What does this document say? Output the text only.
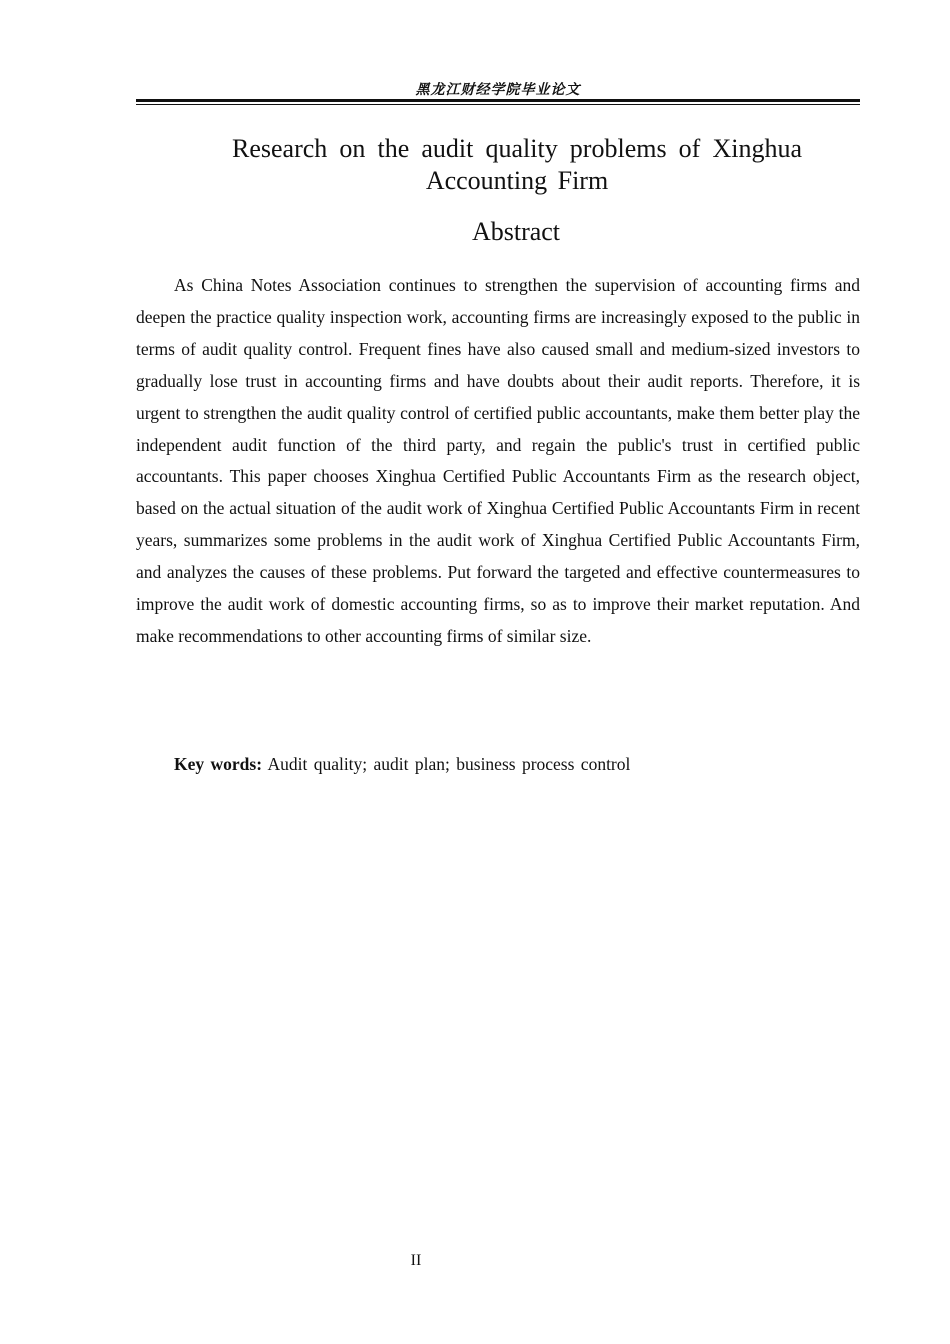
黑龙江财经学院毕业论文
Research on the audit quality problems of Xinghua Accounting Firm
Abstract

As China Notes Association continues to strengthen the supervision of accounting firms and deepen the practice quality inspection work, accounting firms are increasingly exposed to the public in terms of audit quality control. Frequent fines have also caused small and medium-sized investors to gradually lose trust in accounting firms and have doubts about their audit reports. Therefore, it is urgent to strengthen the audit quality control of certified public accountants, make them better play the independent audit function of the third party, and regain the public's trust in certified public accountants. This paper chooses Xinghua Certified Public Accountants Firm as the research object, based on the actual situation of the audit work of Xinghua Certified Public Accountants Firm in recent years, summarizes some problems in the audit work of Xinghua Certified Public Accountants Firm, and analyzes the causes of these problems. Put forward the targeted and effective countermeasures to improve the audit work of domestic accounting firms, so as to improve their market reputation. And make recommendations to other accounting firms of similar size.

Key words: Audit quality; audit plan; business process control
II
